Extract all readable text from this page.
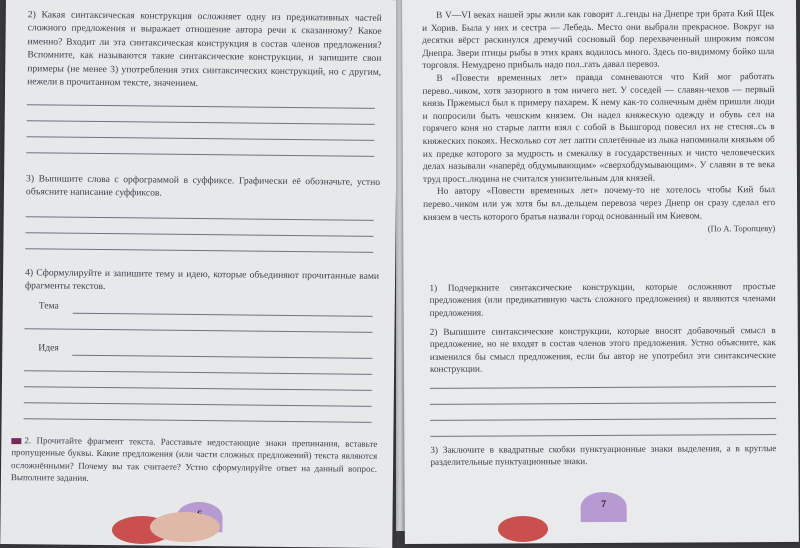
2) Какая синтаксическая конструкция осложняет одну из предикативных частей сложного предложения и выражает отношение автора речи к сказанному? Какое именно? Входит ли эта синтаксическая конструкция в состав членов предложения? Вспомните, как называются такие синтаксические конструкции, и запишите свои примеры (не менее 3) употребления этих синтаксических конструкций, но с другим, нежели в прочитанном тексте, значением.
3) Выпишите слова с орфограммой в суффиксе. Графически её обозначьте, устно объясните написание суффиксов.
4) Сформулируйте и запишите тему и идею, которые объединяют прочитанные вами фрагменты текстов.
Тема
Идея
2. Прочитайте фрагмент текста. Расставьте недостающие знаки препинания, вставьте пропущенные буквы. Какие предложения (или части сложных предложений) текста являются осложнёнными? Почему вы так считаете? Устно сформулируйте ответ на данный вопрос. Выполните задания.
В V—VI веках нашей эры жили как говорят л..генды на Днепре три брата Кий Щек и Хорив. Была у них и сестра — Лебедь. Место они выбрали прекрасное. Вокруг на десятки вёрст раскинулся дремучий сосновый бор перехваченный широким поясом Днепра. Звери птицы рыбы в этих краях водилось много. Здесь по-видимому бойко шла торговля. Немудрено прибыль надо пол..гать давал перевоз.
В «Повести временных лет» правда сомневаются что Кий мог работать перево..чиком, хотя зазорного в том ничего нет. У соседей — славян-чехов — первый князь Пржемысл был к примеру пахарем. К нему как-то солнечным днём пришли люди и попросили быть чешским князем. Он надел княжескую одежду и обувь сел на горячего коня но старые лапти взял с собой в Вышгород повесил их не стесня..сь в княжеских покоях. Несколько сот лет лапти сплетённые из лыка напоминали князьям об их предке которого за мудрость и смекалку в государственных и чисто человеческих делах называли «наперёд обдумывающим» «сверхобдумывающим». У славян в те века труд прост..людина не считался унизительным для князей.
Но автору «Повести временных лет» почему-то не хотелось чтобы Кий был перево..чиком или уж хотя бы вл..дельцем перевоза через Днепр он сразу сделал его князем в честь которого братья назвали город основанный им Киевом.
(По А. Торопцеву)
1) Подчеркните синтаксические конструкции, которые осложняют простые предложения (или предикативную часть сложного предложения) и являются членами предложения.
2) Выпишите синтаксические конструкции, которые вносят добавочный смысл в предложение, но не входят в состав членов этого предложения. Устно объясните, как изменился бы смысл предложения, если бы автор не употребил эти синтаксические конструкции.
3) Заключите в квадратные скобки пунктуационные знаки выделения, а в круглые разделительные пунктуационные знаки.
7
